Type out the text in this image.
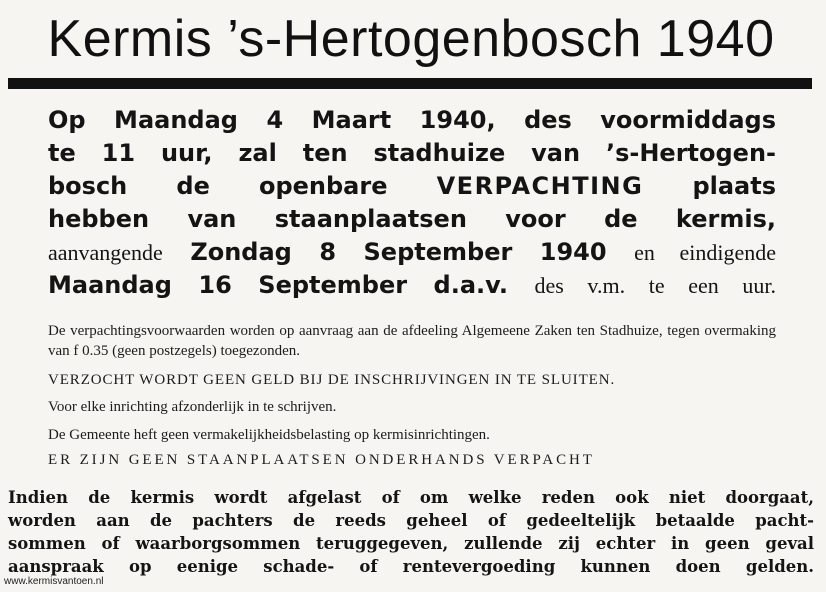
Kermis ’s-Hertogenbosch 1940
Op Maandag 4 Maart 1940, des voormiddags
te 11 uur, zal ten stadhuize van ’s-Hertogen-
bosch de openbare VERPACHTING plaats
hebben van staanplaatsen voor de kermis,
aanvangende Zondag 8 September 1940 en eindigende
Maandag 16 September d.a.v. des v.m. te een uur.
De verpachtingsvoorwaarden worden op aanvraag aan de afdeeling Algemeene Zaken ten Stadhuize, tegen overmaking van f 0.35 (geen postzegels) toegezonden.
VERZOCHT WORDT GEEN GELD BIJ DE INSCHRIJVINGEN IN TE SLUITEN.
Voor elke inrichting afzonderlijk in te schrijven.
De Gemeente heft geen vermakelijkheidsbelasting op kermisinrichtingen.
ER ZIJN GEEN STAANPLAATSEN ONDERHANDS VERPACHT
Indien de kermis wordt afgelast of om welke reden ook niet doorgaat,
worden aan de pachters de reeds geheel of gedeeltelijk betaalde pacht-
sommen of waarborgsommen teruggegeven, zullende zij echter in geen geval
aanspraak op eenige schade- of rentevergoeding kunnen doen gelden.
www.kermisvantoen.nl
